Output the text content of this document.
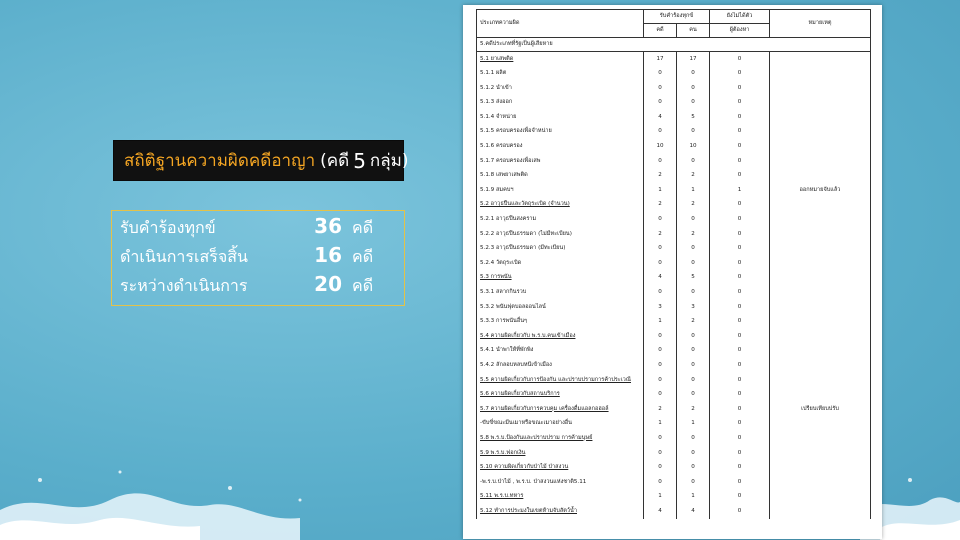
สถิติฐานความผิดคดีอาญา (คดี 5 กลุ่ม)
รับคำร้องทุกข์	36 คดี
ดำเนินการเสร็จสิ้น	16 คดี
ระหว่างดำเนินการ	20 คดี
ประเภทความผิด	รับคำร้องทุกข์		ยังไม่ได้ตัว	หมายเหตุ
	คดี	คน	ผู้ต้องหา	
5.คดีประเภทที่รัฐเป็นผู้เสียหาย				
5.1 ยาเสพติด	17	17	0	
5.1.1 ผลิต	0	0	0	
5.1.2 นำเข้า	0	0	0	
5.1.3 ส่งออก	0	0	0	
5.1.4 จำหน่าย	4	5	0	
5.1.5 ครอบครองเพื่อจำหน่าย	0	0	0	
5.1.6 ครอบครอง	10	10	0	
5.1.7 ครอบครองเพื่อเสพ	0	0	0	
5.1.8 เสพยาเสพติด	2	2	0	
5.1.9 สมคบฯ	1	1	1	ออกหมายจับแล้ว
5.2 อาวุธปืนและวัตถุระเบิด (จำนวน)	2	2	0	
5.2.1 อาวุธปืนสงคราม	0	0	0	
5.2.2 อาวุธปืนธรรมดา (ไม่มีทะเบียน)	2	2	0	
5.2.3 อาวุธปืนธรรมดา (มีทะเบียน)	0	0	0	
5.2.4 วัตถุระเบิด	0	0	0	
5.3 การพนัน	4	5	0	
5.3.1 สลากกินรวบ	0	0	0	
5.3.2 พนันฟุตบอลออนไลน์	3	3	0	
5.3.3 การพนันอื่นๆ	1	2	0	
5.4 ความผิดเกี่ยวกับ พ.ร.บ.คนเข้าเมือง	0	0	0	
5.4.1 นำพาให้ที่พักพิง	0	0	0	
5.4.2 ลักลอบหลบหนีเข้าเมือง	0	0	0	
5.5 ความผิดเกี่ยวกับการป้องกัน และปราบปรามการค้าประเวณี	0	0	0	
5.6 ความผิดเกี่ยวกับสถานบริการ	0	0	0	
5.7 ความผิดเกี่ยวกับการควบคุม เครื่องดื่มแอลกอฮอล์	2	2	0	เปรียบเทียบปรับ
-ขับขี่ขณะมีนเมาหรือขณะเมาอย่างอื่น	1	1	0	
5.8 พ.ร.บ.ป้องกันและปราบปราม การค้ามนุษย์	0	0	0	
5.9 พ.ร.บ.ฟอกเงิน	0	0	0	
5.10 ความผิดเกี่ยวกับป่าไม้ ป่าสงวน	0	0	0	
-พ.ร.บ.ป่าไม้ , พ.ร.บ. ป่าสงวนแห่งชาติ5.11	0	0	0	
5.11 พ.ร.บ.ทหาร	1	1	0	
5.12 ทำการประมงในเขตห้ามจับสัตว์น้ำ	4	4	0	
